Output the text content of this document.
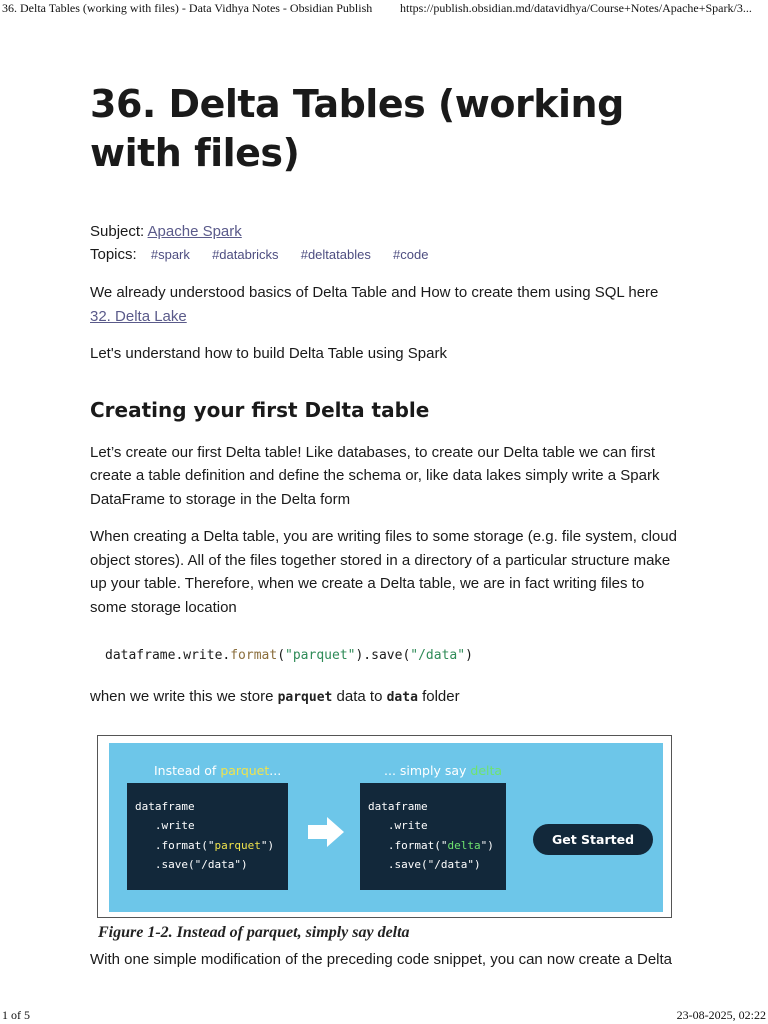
36. Delta Tables (working with files) - Data Vidhya Notes - Obsidian Publish https://publish.obsidian.md/datavidhya/Course+Notes/Apache+Spark/3...
36. Delta Tables (working with files)
Subject: Apache Spark
Topics: #spark #databricks #deltatables #code

We already understood basics of Delta Table and How to create them using SQL here
32. Delta Lake

Let's understand how to build Delta Table using Spark

Creating your first Delta table

Let’s create our first Delta table! Like databases, to create our Delta table we can first create a table definition and define the schema or, like data lakes simply write a Spark DataFrame to storage in the Delta form

When creating a Delta table, you are writing files to some storage (e.g. file system, cloud object stores). All of the files together stored in a directory of a particular structure make up your table. Therefore, when we create a Delta table, we are in fact writing files to some storage location

dataframe.write.format("parquet").save("/data")

when we write this we store parquet data to data folder

Instead of parquet...	... simply say delta
dataframe
.write
.format("parquet")
.save("/data")
dataframe
.write
.format("delta")
.save("/data")
Get Started
Figure 1-2. Instead of parquet, simply say delta

With one simple modification of the preceding code snippet, you can now create a Delta

1 of 5	23-08-2025, 02:22
